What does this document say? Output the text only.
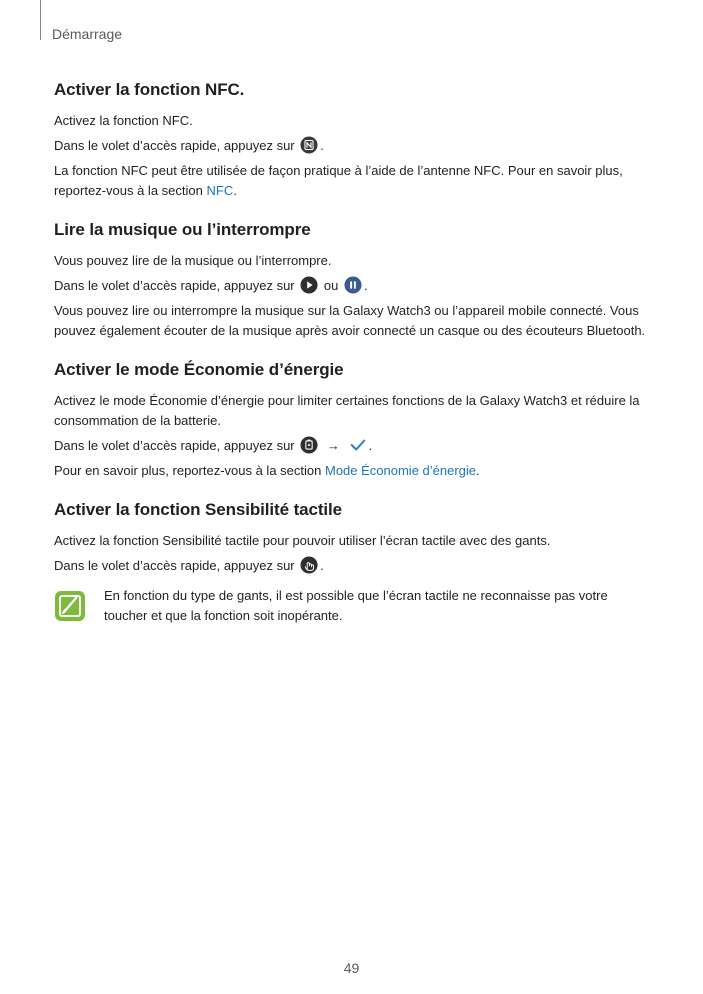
Démarrage
Activer la fonction NFC.

Activez la fonction NFC.

Dans le volet d’accès rapide, appuyez sur .

La fonction NFC peut être utilisée de façon pratique à l’aide de l’antenne NFC. Pour en savoir plus, reportez-vous à la section NFC.

Lire la musique ou l’interrompre

Vous pouvez lire de la musique ou l’interrompre.

Dans le volet d’accès rapide, appuyez sur ou .

Vous pouvez lire ou interrompre la musique sur la Galaxy Watch3 ou l’appareil mobile connecté. Vous pouvez également écouter de la musique après avoir connecté un casque ou des écouteurs Bluetooth.

Activer le mode Économie d’énergie

Activez le mode Économie d’énergie pour limiter certaines fonctions de la Galaxy Watch3 et réduire la consommation de la batterie.

Dans le volet d’accès rapide, appuyez sur → .

Pour en savoir plus, reportez-vous à la section Mode Économie d’énergie.

Activer la fonction Sensibilité tactile

Activez la fonction Sensibilité tactile pour pouvoir utiliser l’écran tactile avec des gants.

Dans le volet d’accès rapide, appuyez sur .

En fonction du type de gants, il est possible que l’écran tactile ne reconnaisse pas votre toucher et que la fonction soit inopérante.

49
